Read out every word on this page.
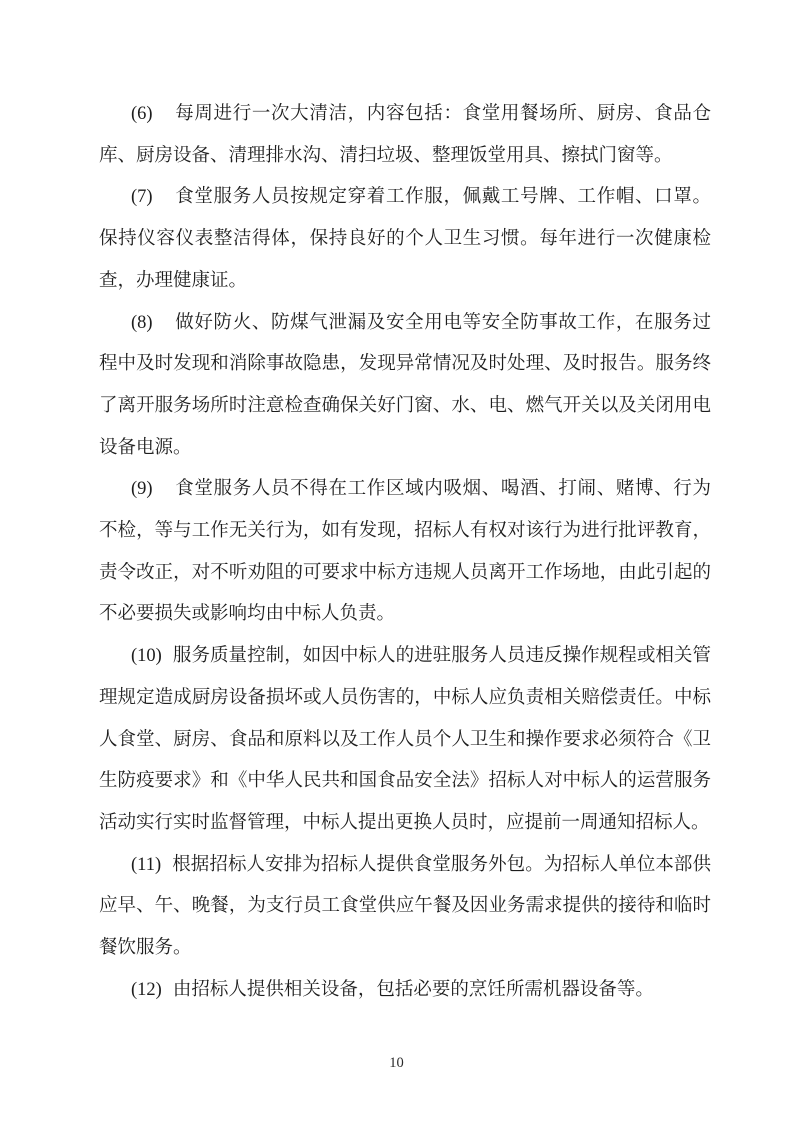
(6) 每周进行一次大清洁，内容包括：食堂用餐场所、厨房、食品仓库、厨房设备、清理排水沟、清扫垃圾、整理饭堂用具、擦拭门窗等。

(7) 食堂服务人员按规定穿着工作服，佩戴工号牌、工作帽、口罩。保持仪容仪表整洁得体，保持良好的个人卫生习惯。每年进行一次健康检查，办理健康证。

(8) 做好防火、防煤气泄漏及安全用电等安全防事故工作，在服务过程中及时发现和消除事故隐患，发现异常情况及时处理、及时报告。服务终了离开服务场所时注意检查确保关好门窗、水、电、燃气开关以及关闭用电设备电源。

(9) 食堂服务人员不得在工作区域内吸烟、喝酒、打闹、赌博、行为不检，等与工作无关行为，如有发现，招标人有权对该行为进行批评教育，责令改正，对不听劝阻的可要求中标方违规人员离开工作场地，由此引起的不必要损失或影响均由中标人负责。

(10) 服务质量控制，如因中标人的进驻服务人员违反操作规程或相关管理规定造成厨房设备损坏或人员伤害的，中标人应负责相关赔偿责任。中标人食堂、厨房、食品和原料以及工作人员个人卫生和操作要求必须符合《卫生防疫要求》和《中华人民共和国食品安全法》招标人对中标人的运营服务活动实行实时监督管理，中标人提出更换人员时，应提前一周通知招标人。

(11) 根据招标人安排为招标人提供食堂服务外包。为招标人单位本部供应早、午、晚餐，为支行员工食堂供应午餐及因业务需求提供的接待和临时餐饮服务。

(12) 由招标人提供相关设备，包括必要的烹饪所需机器设备等。

10
